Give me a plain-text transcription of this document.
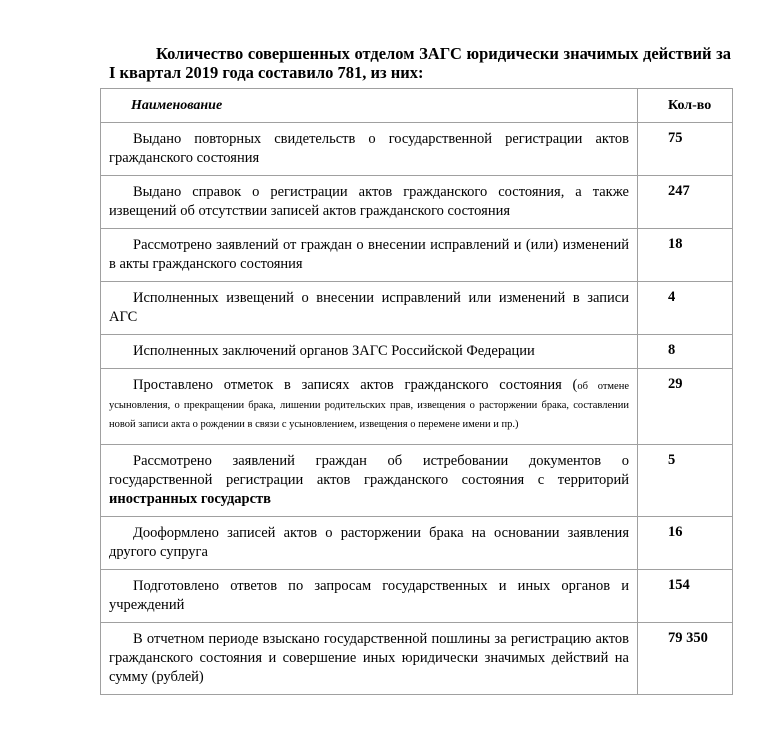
Количество совершенных отделом ЗАГС юридически значимых действий за I квартал 2019 года составило 781, из них:
Наименование	Кол-во

Выдано повторных свидетельств о государственной регистрации актов гражданского состояния	75

Выдано справок о регистрации актов гражданского состояния, а также извещений об отсутствии записей актов гражданского состояния	247

Рассмотрено заявлений от граждан о внесении исправлений и (или) изменений в акты гражданского состояния	18

Исполненных извещений о внесении исправлений или изменений в записи АГС	4

Исполненных заключений органов ЗАГС Российской Федерации	8

Проставлено отметок в записях актов гражданского состояния (об отмене усыновления, о прекращении брака, лишении родительских прав, извещения о расторжении брака, составлении новой записи акта о рождении в связи с усыновлением, извещения о перемене имени и пр.)	29

Рассмотрено заявлений граждан об истребовании документов о государственной регистрации актов гражданского состояния с территорий иностранных государств	5

Дооформлено записей актов о расторжении брака на основании заявления другого супруга	16

Подготовлено ответов по запросам государственных и иных органов и учреждений	154

В отчетном периоде взыскано государственной пошлины за регистрацию актов гражданского состояния и совершение иных юридически значимых действий на сумму (рублей)	79 350
